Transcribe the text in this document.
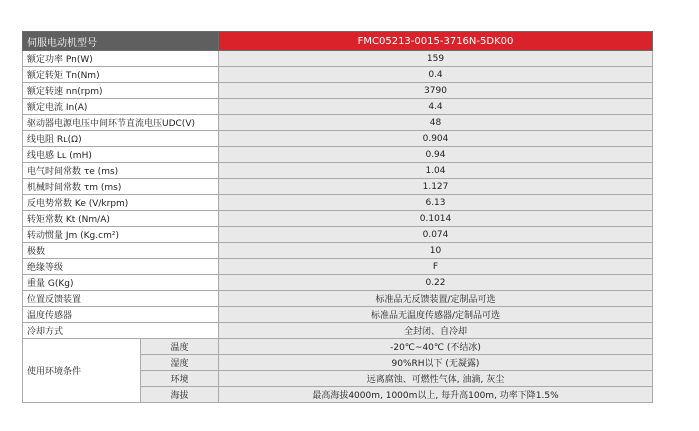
伺服电动机型号		FMC05213-0015-3716N-5DK00
额定功率 Pn(W)		159
额定转矩 Tn(Nm)		0.4
额定转速 nn(rpm)		3790
额定电流 In(A)		4.4
驱动器电源电压中间环节直流电压UDC(V)		48
线电阻 Rʟ(Ω)		0.904
线电感 Lʟ (mH)		0.94
电气时间常数 τe (ms)		1.04
机械时间常数 τm (ms)		1.127
反电势常数 Ke (V/krpm)		6.13
转矩常数 Kt (Nm/A)		0.1014
转动惯量 Jm (Kg.cm²)		0.074
极数		10
绝缘等级		F
重量 G(Kg)		0.22
位置反馈装置		标准品无反馈装置/定制品可选
温度传感器		标准品无温度传感器/定制品可选
冷却方式		全封闭、自冷却
使用环境条件	温度	-20℃~40℃ (不结冰)
	湿度	90%RH以下 (无凝露)
	环境	远离腐蚀、可燃性气体, 油滴, 灰尘
	海拔	最高海拔4000m, 1000m以上, 每升高100m, 功率下降1.5%
